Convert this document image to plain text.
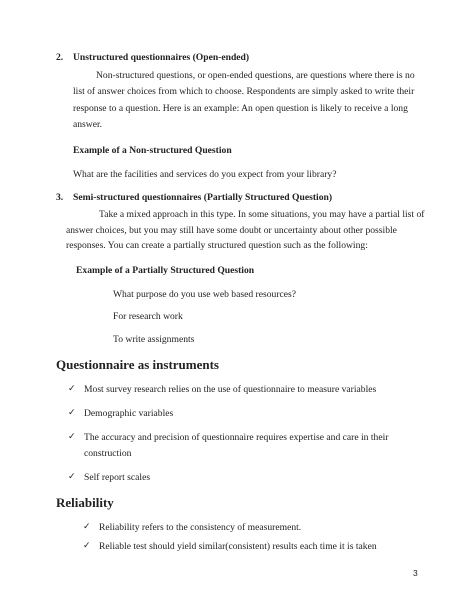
2. Unstructured questionnaires (Open-ended)
Non-structured questions, or open-ended questions, are questions where there is no
list of answer choices from which to choose. Respondents are simply asked to write their
response to a question. Here is an example: An open question is likely to receive a long
answer.
Example of a Non-structured Question
What are the facilities and services do you expect from your library?
3. Semi-structured questionnaires (Partially Structured Question)
Take a mixed approach in this type. In some situations, you may have a partial list of
answer choices, but you may still have some doubt or uncertainty about other possible
responses. You can create a partially structured question such as the following:
Example of a Partially Structured Question
What purpose do you use web based resources?
For research work
To write assignments
Questionnaire as instruments
✓ Most survey research relies on the use of questionnaire to measure variables
✓ Demographic variables
✓ The accuracy and precision of questionnaire requires expertise and care in their
construction
✓ Self report scales
Reliability
✓ Reliability refers to the consistency of measurement.
✓ Reliable test should yield similar(consistent) results each time it is taken
3
